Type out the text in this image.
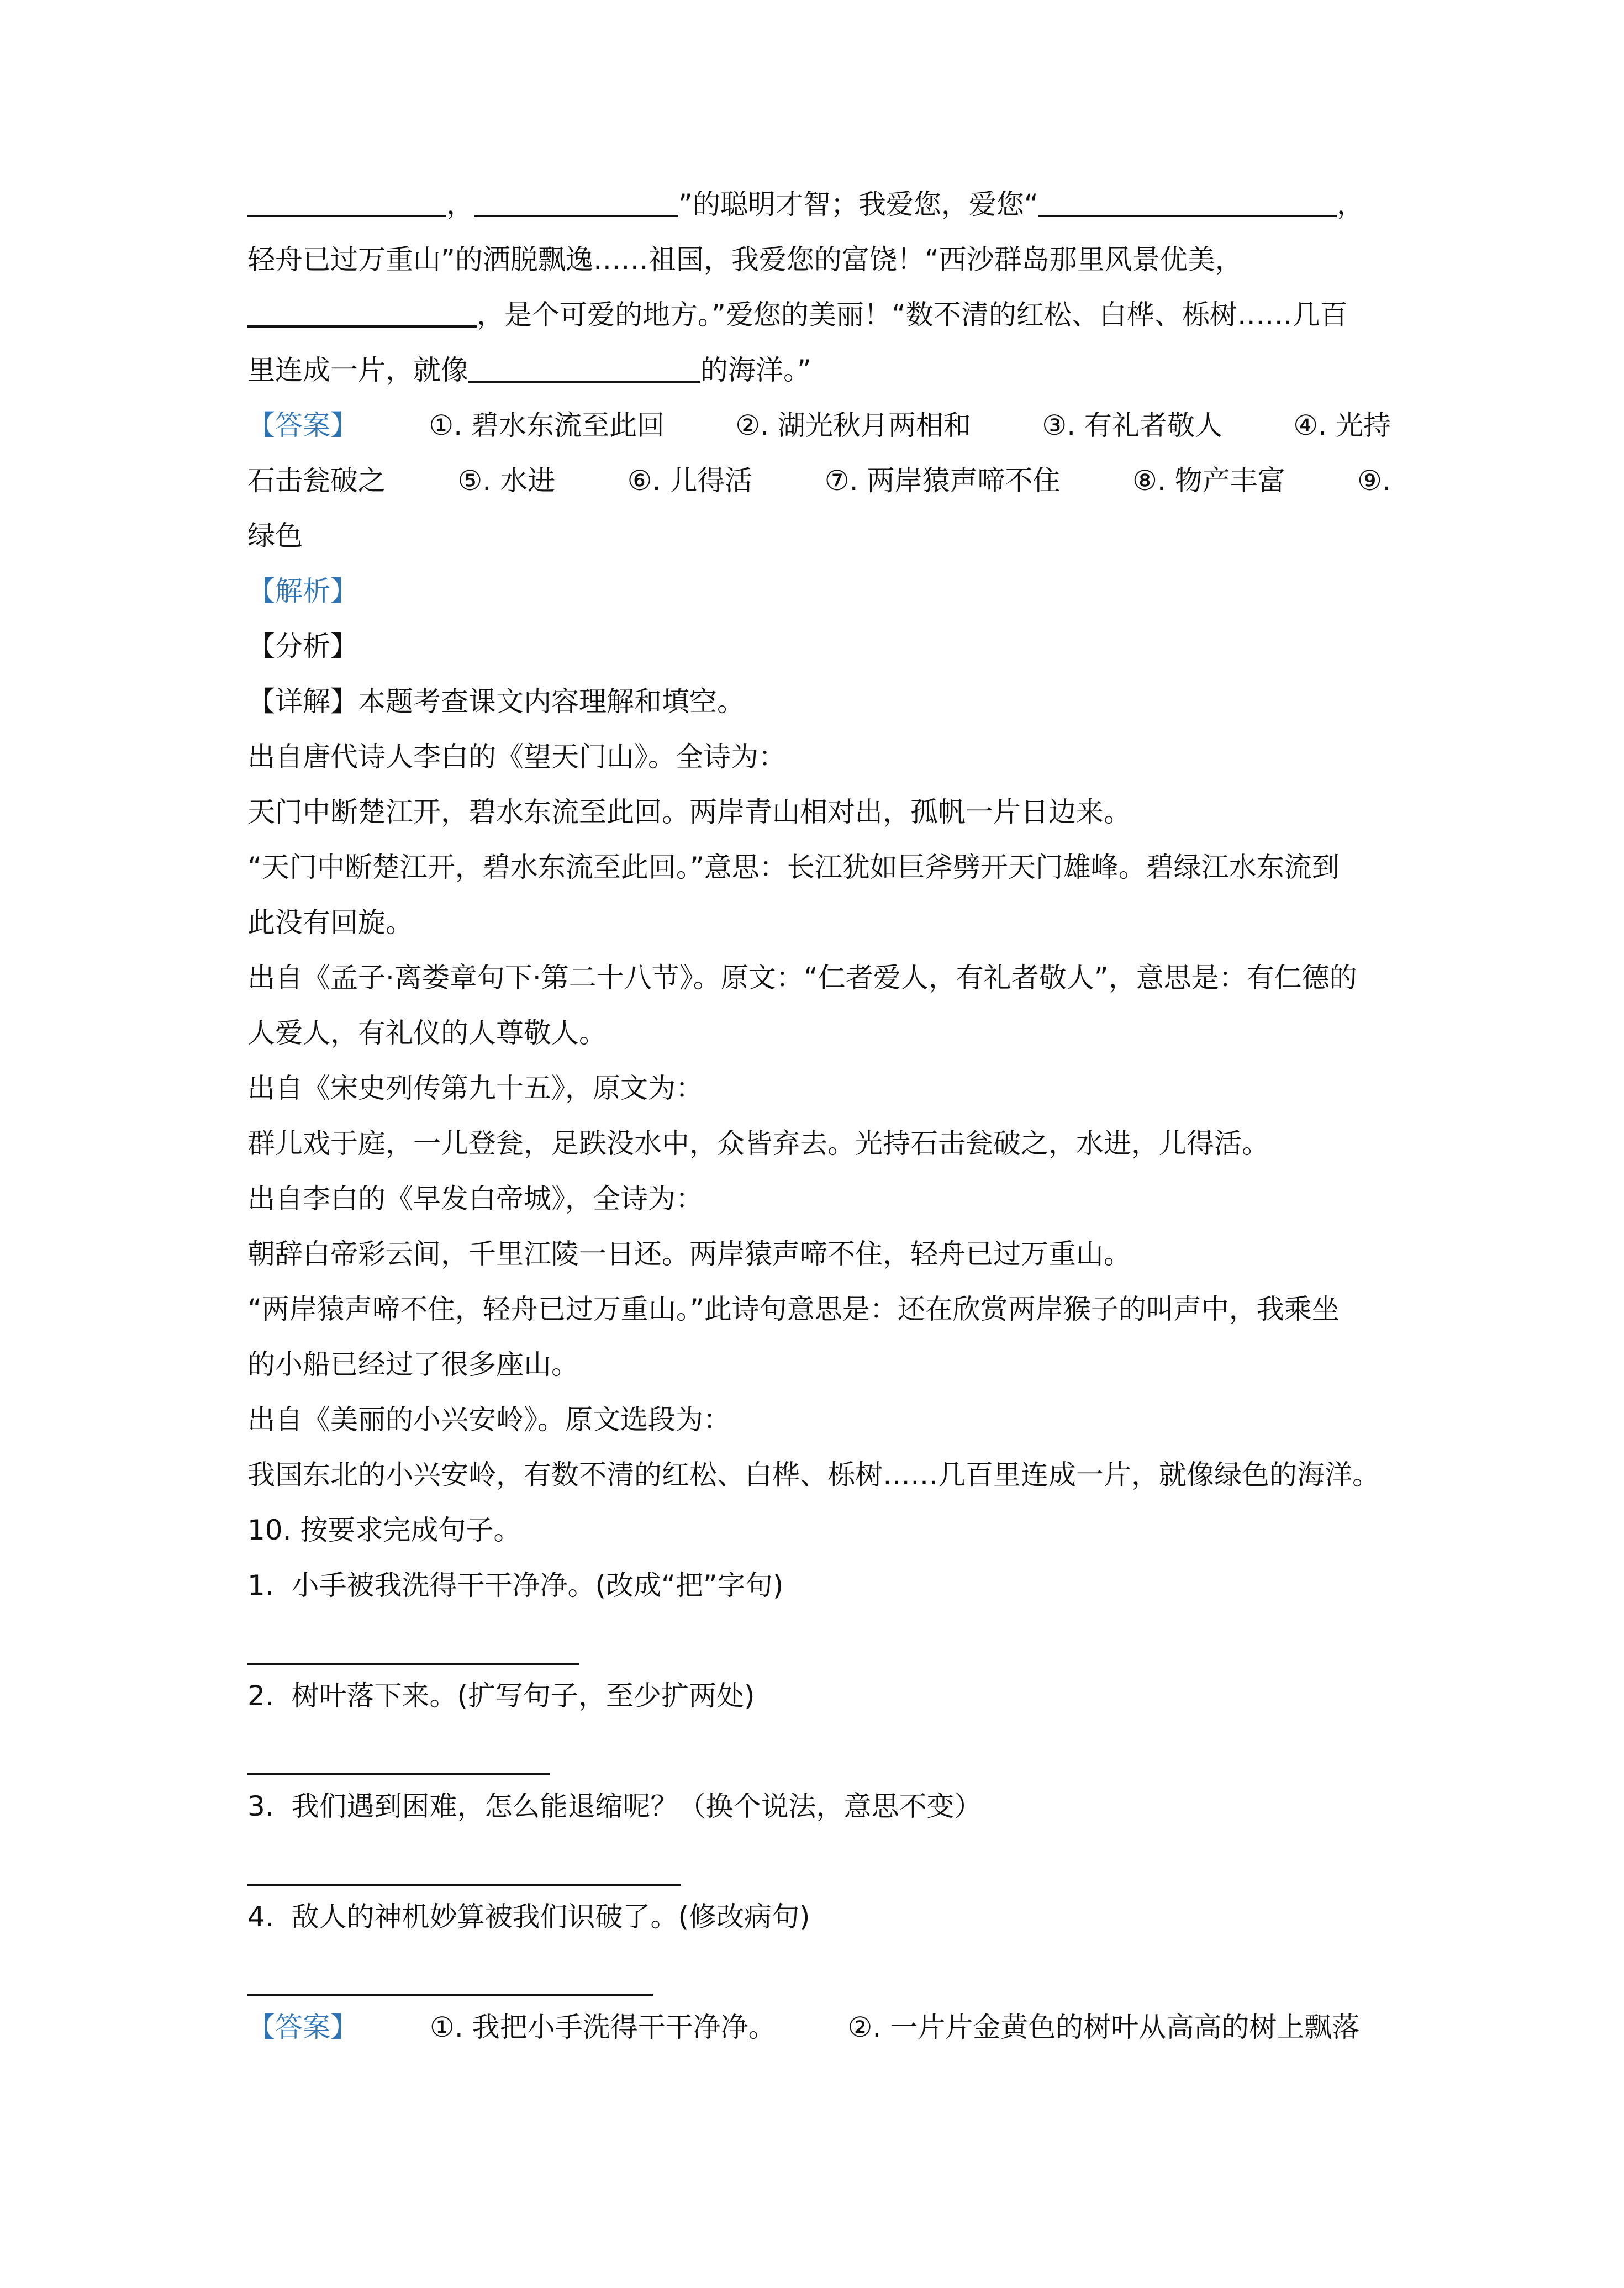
，	”的聪明才智；我爱您，爱您“	，
轻舟已过万重山”的洒脱飘逸……祖国，我爱您的富饶！“西沙群岛那里风景优美，
，是个可爱的地方。”爱您的美丽！“数不清的红松、白桦、栎树……几百
里连成一片，就像	的海洋。”
【答案】	①. 碧水东流至此回	②. 湖光秋月两相和	③. 有礼者敬人	④. 光持
石击瓮破之	⑤. 水进	⑥. 儿得活	⑦. 两岸猿声啼不住	⑧. 物产丰富	⑨.
绿色
【解析】
【分析】
【详解】本题考查课文内容理解和填空。
出自唐代诗人李白的《望天门山》。全诗为：
天门中断楚江开，碧水东流至此回。两岸青山相对出，孤帆一片日边来。
“天门中断楚江开，碧水东流至此回。”意思：长江犹如巨斧劈开天门雄峰。碧绿江水东流到
此没有回旋。
出自《孟子·离娄章句下·第二十八节》。原文：“仁者爱人，有礼者敬人”，意思是：有仁德的
人爱人，有礼仪的人尊敬人。
出自《宋史列传第九十五》，原文为：
群儿戏于庭，一儿登瓮，足跌没水中，众皆弃去。光持石击瓮破之，水进，儿得活。
出自李白的《早发白帝城》，全诗为：
朝辞白帝彩云间，千里江陵一日还。两岸猿声啼不住，轻舟已过万重山。
“两岸猿声啼不住，轻舟已过万重山。”此诗句意思是：还在欣赏两岸猴子的叫声中，我乘坐
的小船已经过了很多座山。
出自《美丽的小兴安岭》。原文选段为：
我国东北的小兴安岭，有数不清的红松、白桦、栎树……几百里连成一片，就像绿色的海洋。
10. 按要求完成句子。
1. 小手被我洗得干干净净。(改成“把”字句)
2. 树叶落下来。(扩写句子，至少扩两处)
3. 我们遇到困难，怎么能退缩呢？（换个说法，意思不变）
4. 敌人的神机妙算被我们识破了。(修改病句)
【答案】	①. 我把小手洗得干干净净。	②. 一片片金黄色的树叶从高高的树上飘落
